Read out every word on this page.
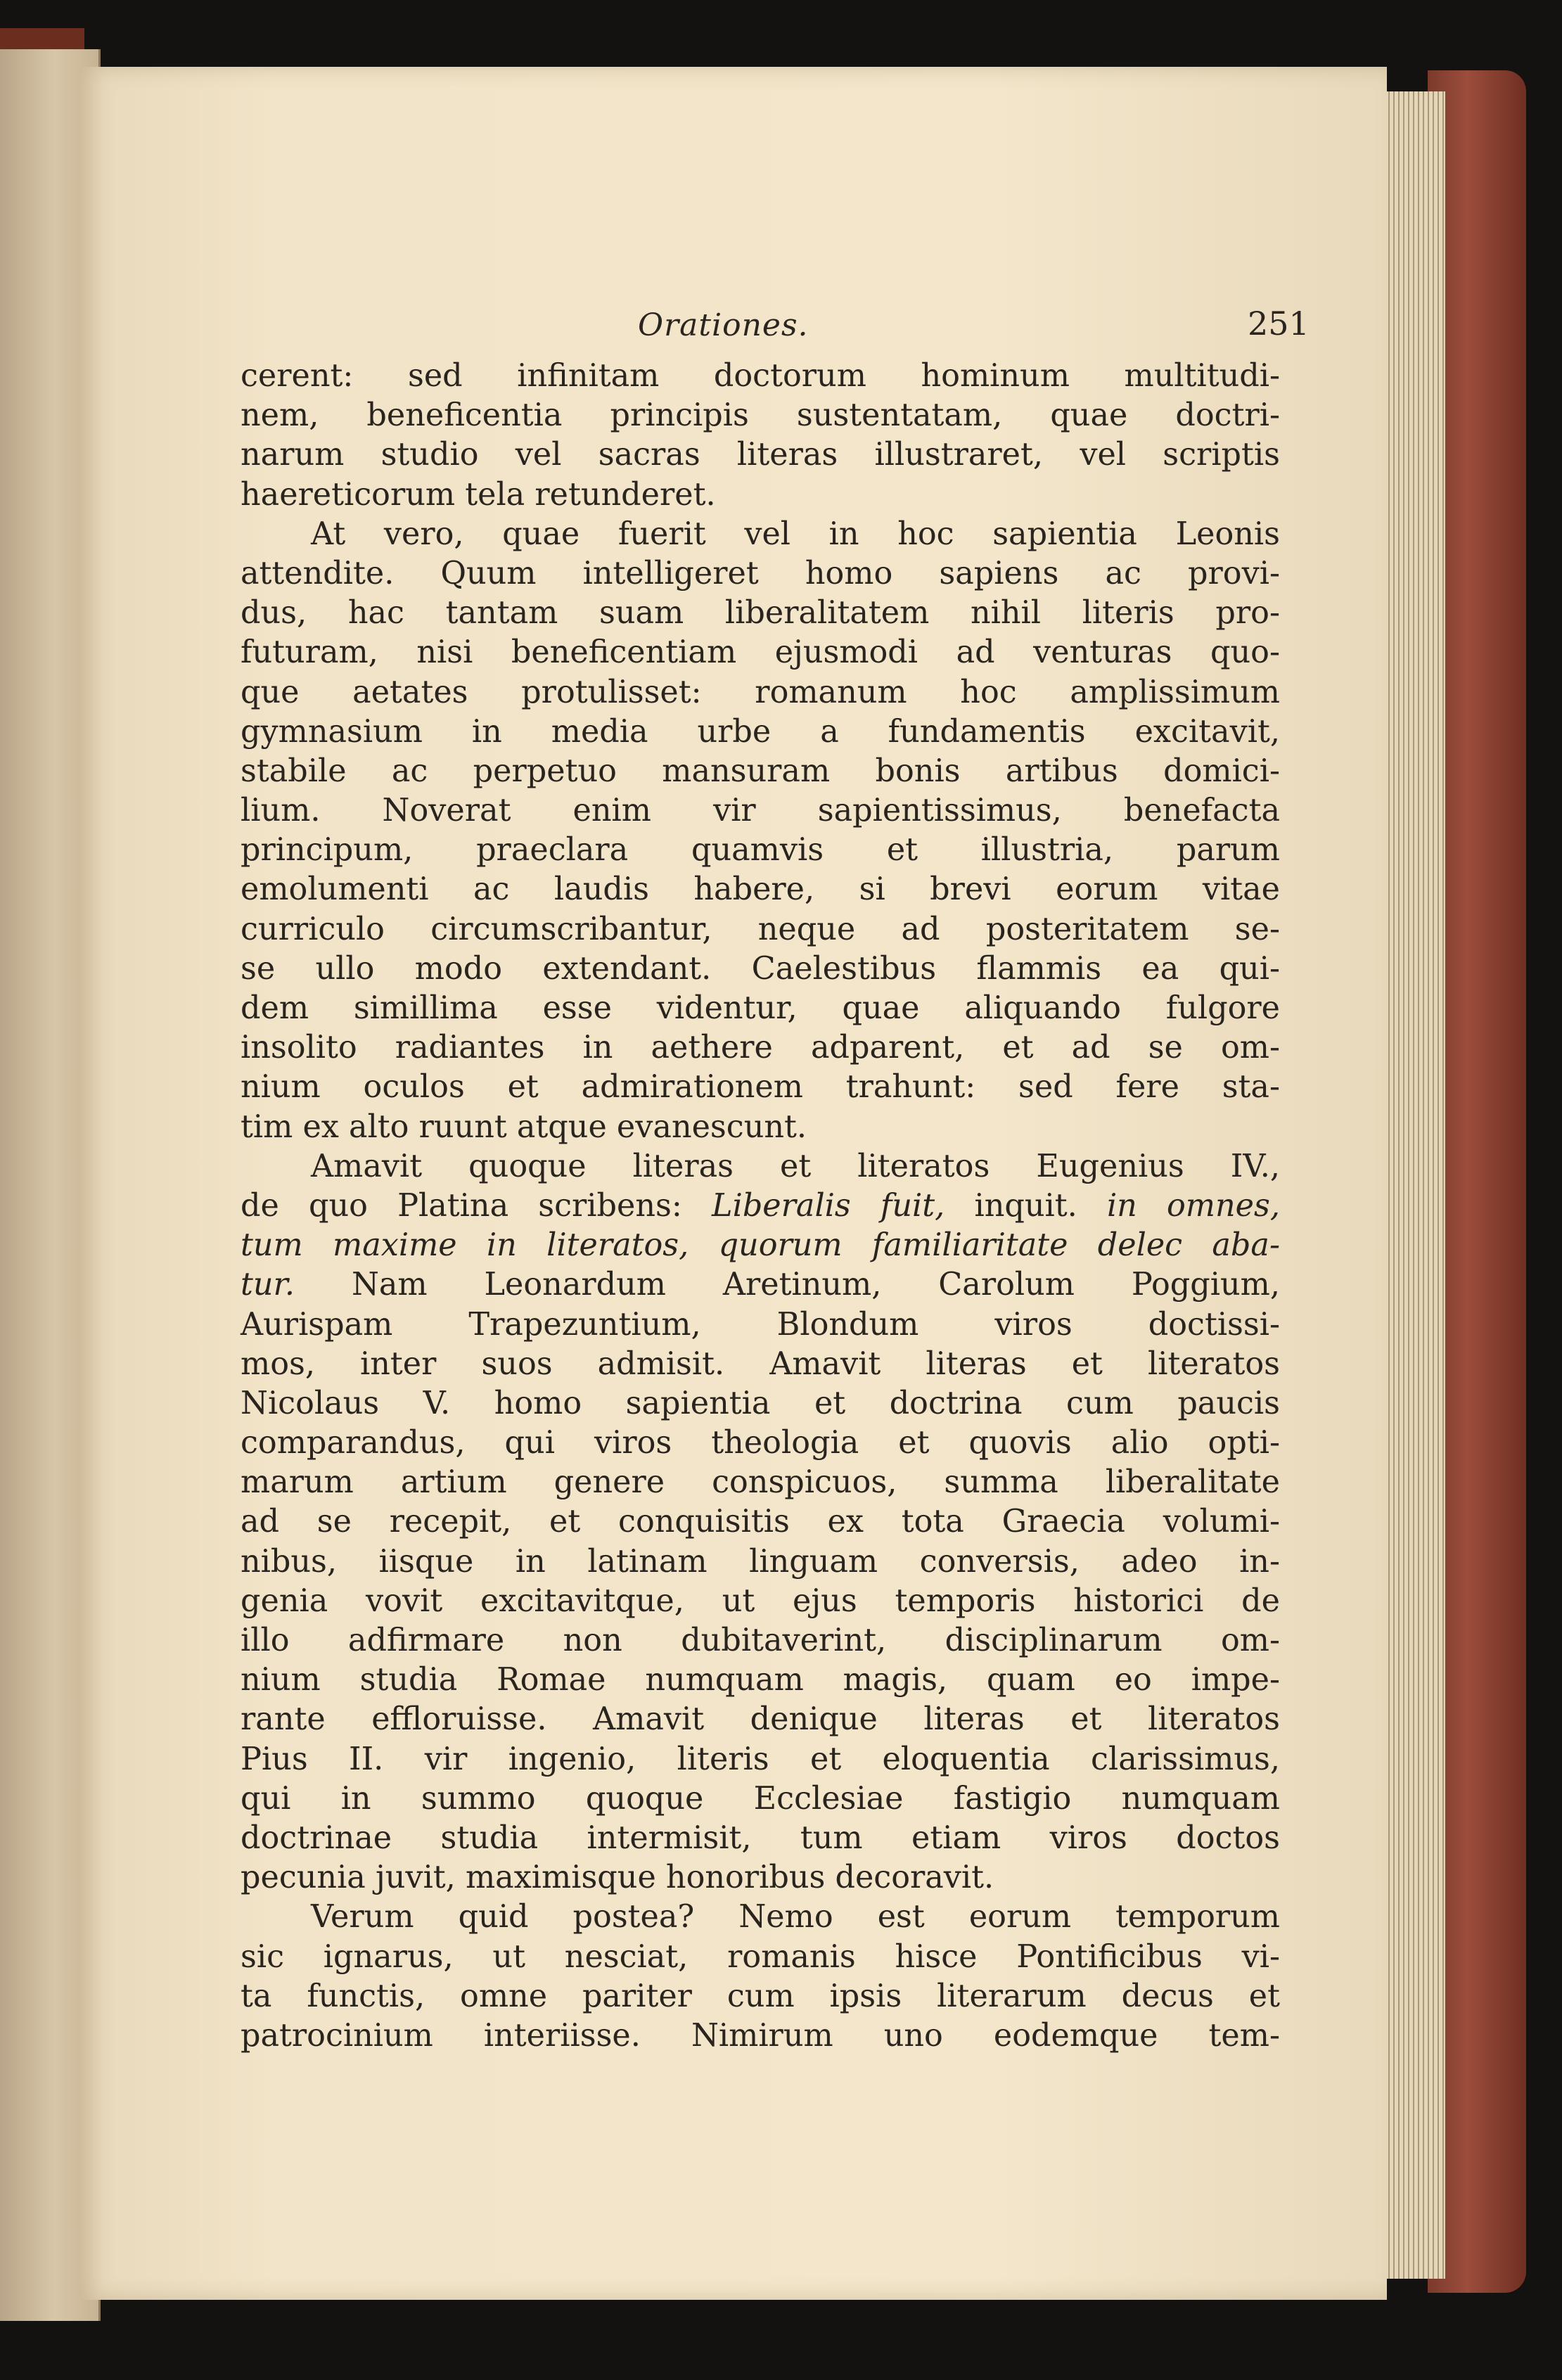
Orationes.	251
cerent: sed infinitam doctorum hominum multitudi-
nem, beneficentia principis sustentatam, quae doctri-
narum studio vel sacras literas illustraret, vel scriptis
haereticorum tela retunderet.
At vero, quae fuerit vel in hoc sapientia Leonis
attendite. Quum intelligeret homo sapiens ac provi-
dus, hac tantam suam liberalitatem nihil literis pro-
futuram, nisi beneficentiam ejusmodi ad venturas quo-
que aetates protulisset: romanum hoc amplissimum
gymnasium in media urbe a fundamentis excitavit,
stabile ac perpetuo mansuram bonis artibus domici-
lium. Noverat enim vir sapientissimus, benefacta
principum, praeclara quamvis et illustria, parum
emolumenti ac laudis habere, si brevi eorum vitae
curriculo circumscribantur, neque ad posteritatem se-
se ullo modo extendant. Caelestibus flammis ea qui-
dem simillima esse videntur, quae aliquando fulgore
insolito radiantes in aethere adparent, et ad se om-
nium oculos et admirationem trahunt: sed fere sta-
tim ex alto ruunt atque evanescunt.
Amavit quoque literas et literatos Eugenius IV.,
de quo Platina scribens: Liberalis fuit, inquit. in omnes,
tum maxime in literatos, quorum familiaritate delec aba-
tur. Nam Leonardum Aretinum, Carolum Poggium,
Aurispam Trapezuntium, Blondum viros doctissi-
mos, inter suos admisit. Amavit literas et literatos
Nicolaus V. homo sapientia et doctrina cum paucis
comparandus, qui viros theologia et quovis alio opti-
marum artium genere conspicuos, summa liberalitate
ad se recepit, et conquisitis ex tota Graecia volumi-
nibus, iisque in latinam linguam conversis, adeo in-
genia vovit excitavitque, ut ejus temporis historici de
illo adfirmare non dubitaverint, disciplinarum om-
nium studia Romae numquam magis, quam eo impe-
rante effloruisse. Amavit denique literas et literatos
Pius II. vir ingenio, literis et eloquentia clarissimus,
qui in summo quoque Ecclesiae fastigio numquam
doctrinae studia intermisit, tum etiam viros doctos
pecunia juvit, maximisque honoribus decoravit.
Verum quid postea? Nemo est eorum temporum
sic ignarus, ut nesciat, romanis hisce Pontificibus vi-
ta functis, omne pariter cum ipsis literarum decus et
patrocinium interiisse. Nimirum uno eodemque tem-
